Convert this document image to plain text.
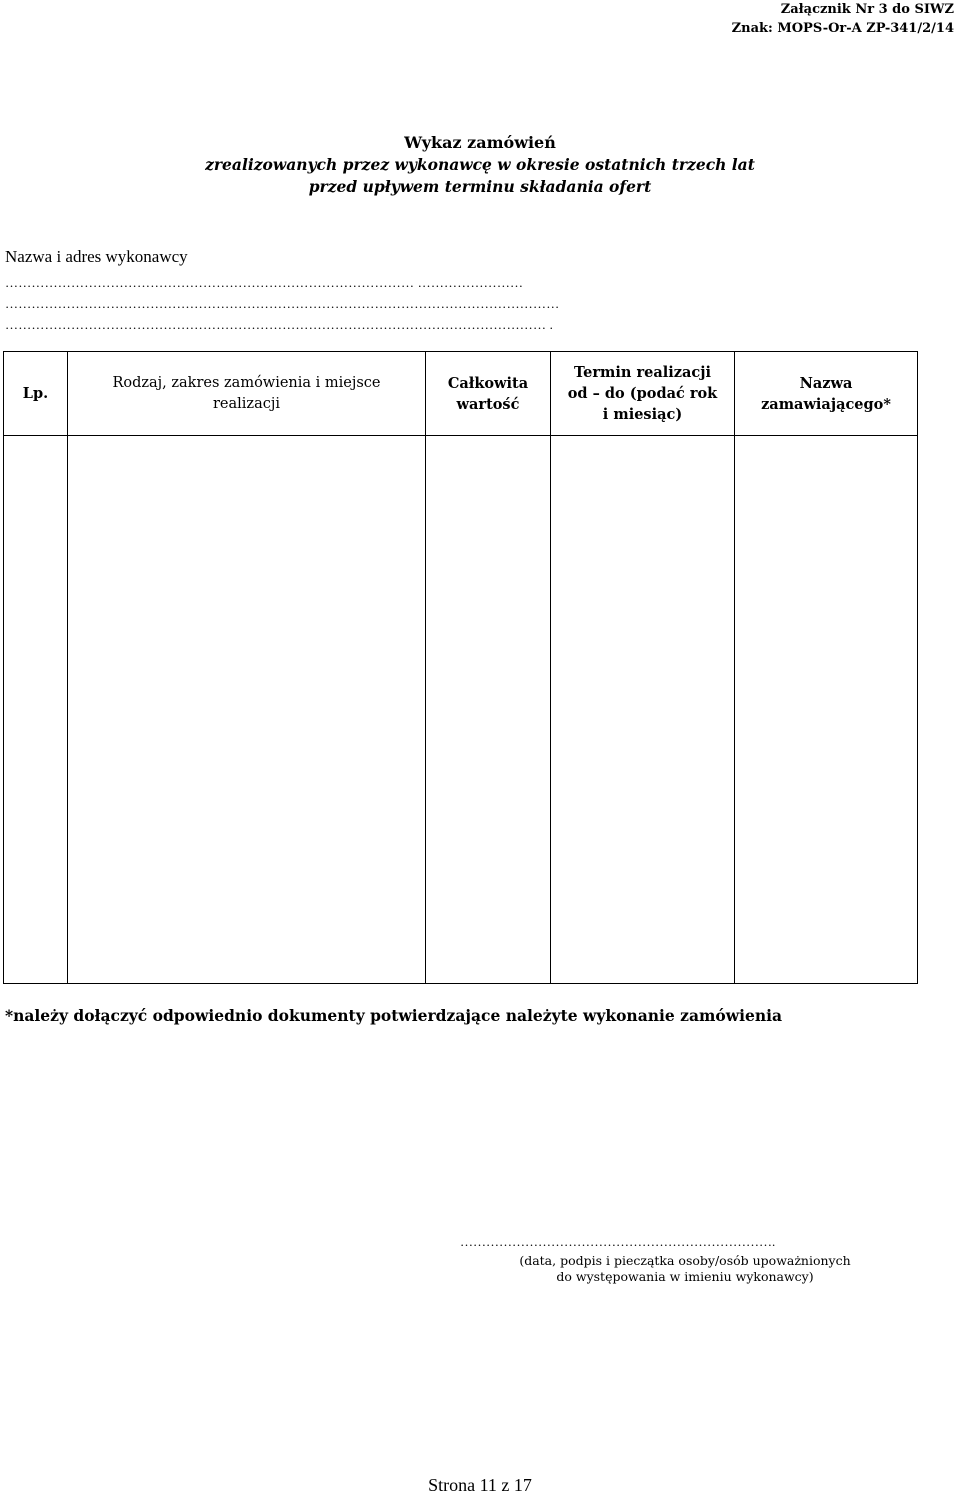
Załącznik Nr 3 do SIWZ
Znak: MOPS-Or-A ZP-341/2/14
Wykaz zamówień
zrealizowanych przez wykonawcę w okresie ostatnich trzech lat
przed upływem terminu składania ofert
Nazwa i adres wykonawcy
………………………………………………………………………………… ……………………
………………………………………………………………………………………………………………
…………………………………………………………………………………………………………… .
Lp.	Rodzaj, zakres zamówienia i miejsce realizacji	Całkowita wartość	Termin realizacji od – do (podać rok i miesiąc)	Nazwa zamawiającego*

*należy dołączyć odpowiednio dokumenty potwierdzające należyte wykonanie zamówienia
……………………………………………………………….
(data, podpis i pieczątka osoby/osób upoważnionych
do występowania w imieniu wykonawcy)
Strona 11 z 17
